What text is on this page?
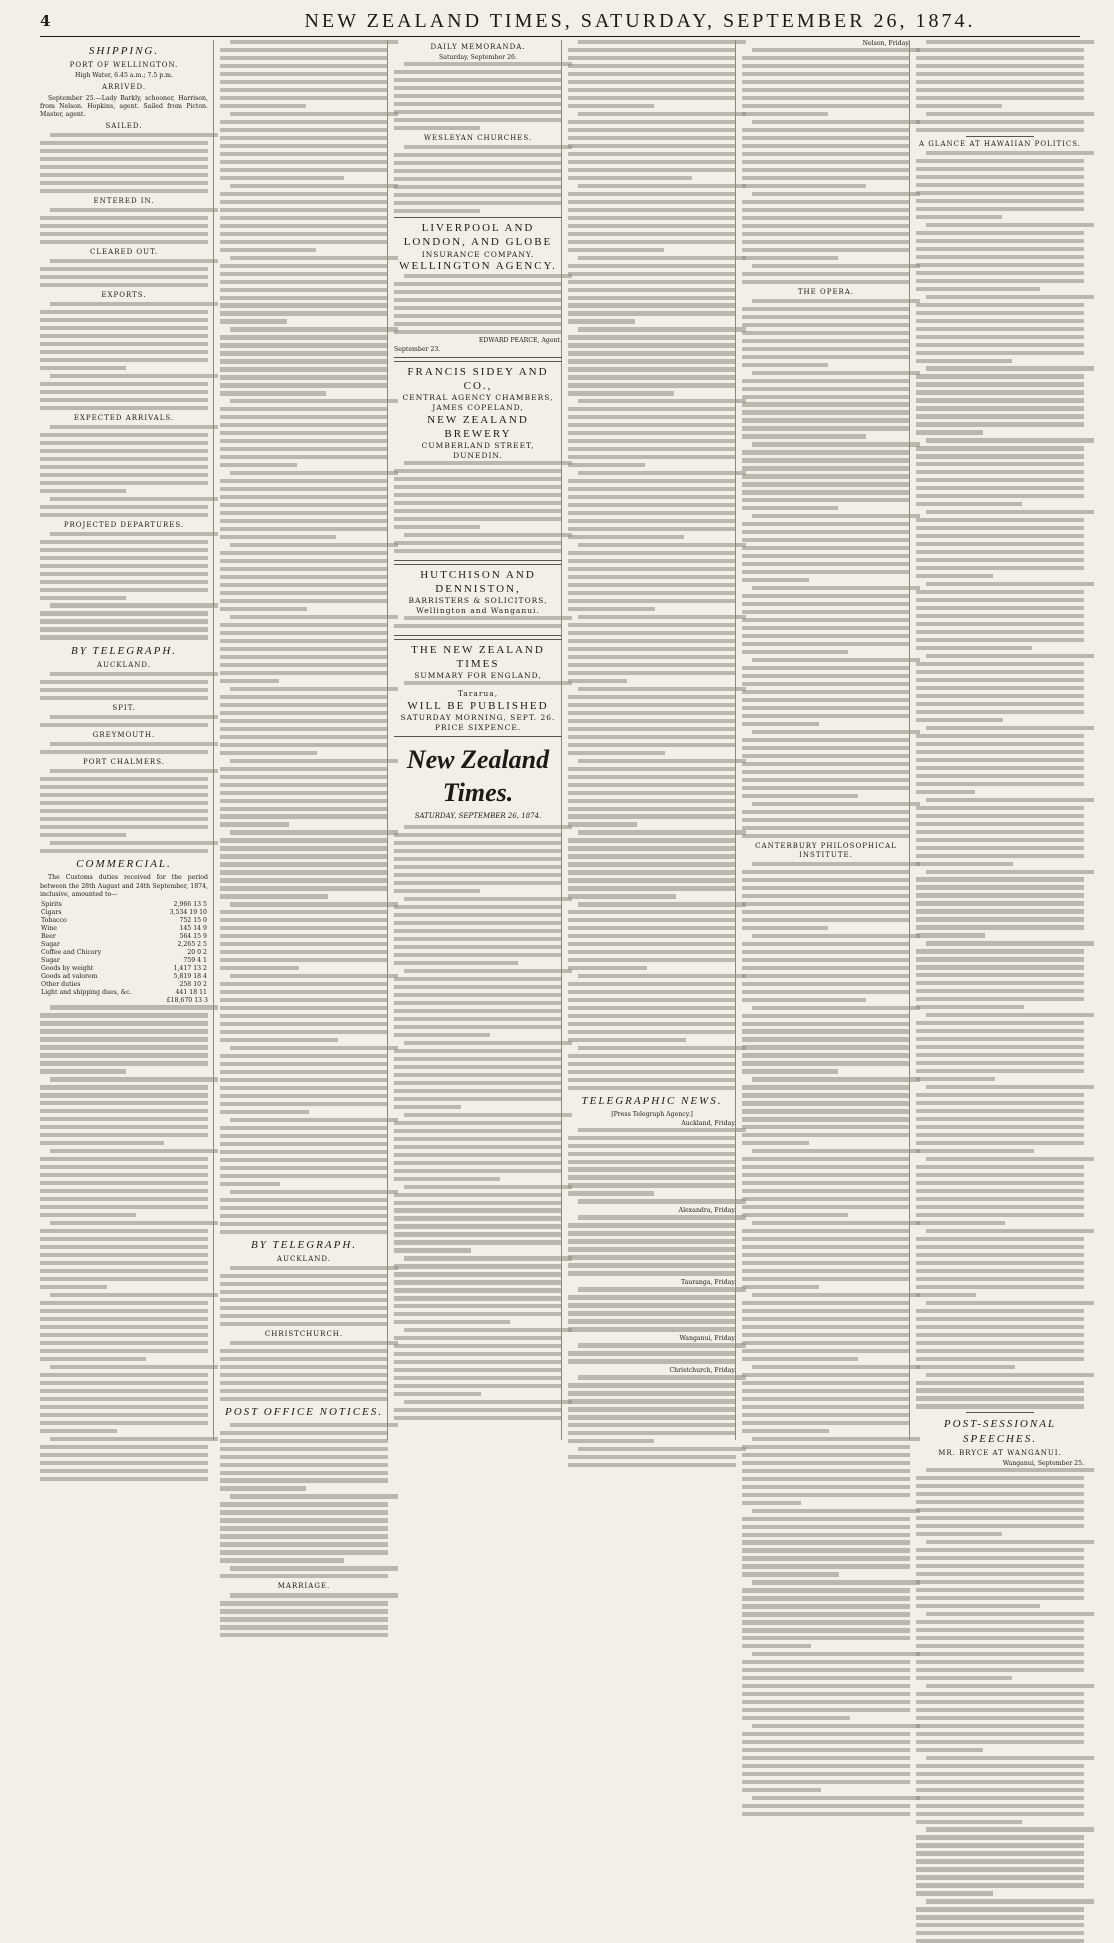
4	NEW ZEALAND TIMES, SATURDAY, SEPTEMBER 26, 1874.
SHIPPING.
PORT OF WELLINGTON.
High Water, 6.45 a.m.; 7.5 p.m.
ARRIVED.

September 25.—Lady Barkly, schooner, Harrison, from Nelson. Hopkins, agent. Sailed from Picton. Master, agent.

SAILED.
ENTERED IN.
CLEARED OUT.
EXPORTS.
EXPECTED ARRIVALS.
PROJECTED DEPARTURES.
BY TELEGRAPH.
AUCKLAND.
SPIT.
GREYMOUTH.
PORT CHALMERS.
COMMERCIAL.

The Customs duties received for the period between the 28th August and 24th September, 1874, inclusive, amounted to—

Spirits	2,966 13 5
Cigars	3,534 19 10
Tobacco	752 15 0
Wine	145 14 9
Beer	564 15 9
Sugar	2,265 2 5
Coffee and Chicory	20 0 2
Sugar	759 4 1
Goods by weight	1,417 13 2
Goods ad valorem	5,819 18 4
Other duties	258 10 2
Light and shipping dues, &c.	441 18 11
£18,670 13 3
BY TELEGRAPH.
AUCKLAND.
CHRISTCHURCH.
POST OFFICE NOTICES.
MARRIAGE.
DAILY MEMORANDA.
Saturday, September 26.
WESLEYAN CHURCHES.
LIVERPOOL AND LONDON, AND GLOBE
INSURANCE COMPANY.
WELLINGTON AGENCY.
EDWARD PEARCE, Agent.
September 23.
FRANCIS SIDEY AND CO.,
CENTRAL AGENCY CHAMBERS,
JAMES COPELAND,
NEW ZEALAND BREWERY
CUMBERLAND STREET,
DUNEDIN.
HUTCHISON AND DENNISTON,
BARRISTERS & SOLICITORS,
Wellington and Wanganui.
THE NEW ZEALAND TIMES
SUMMARY FOR ENGLAND,
Tararua,
WILL BE PUBLISHED
SATURDAY MORNING, SEPT. 26.
PRICE SIXPENCE.
New Zealand Times.
SATURDAY, SEPTEMBER 26, 1874.
TELEGRAPHIC NEWS.
[Press Telegraph Agency.]
Auckland, Friday.
Alexandra, Friday.
Tauranga, Friday.
Wanganui, Friday.
Christchurch, Friday.
Nelson, Friday.
THE OPERA.
CANTERBURY PHILOSOPHICAL INSTITUTE.
A GLANCE AT HAWAIIAN POLITICS.
POST-SESSIONAL SPEECHES.
MR. BRYCE AT WANGANUI.
Wanganui, September 25.
